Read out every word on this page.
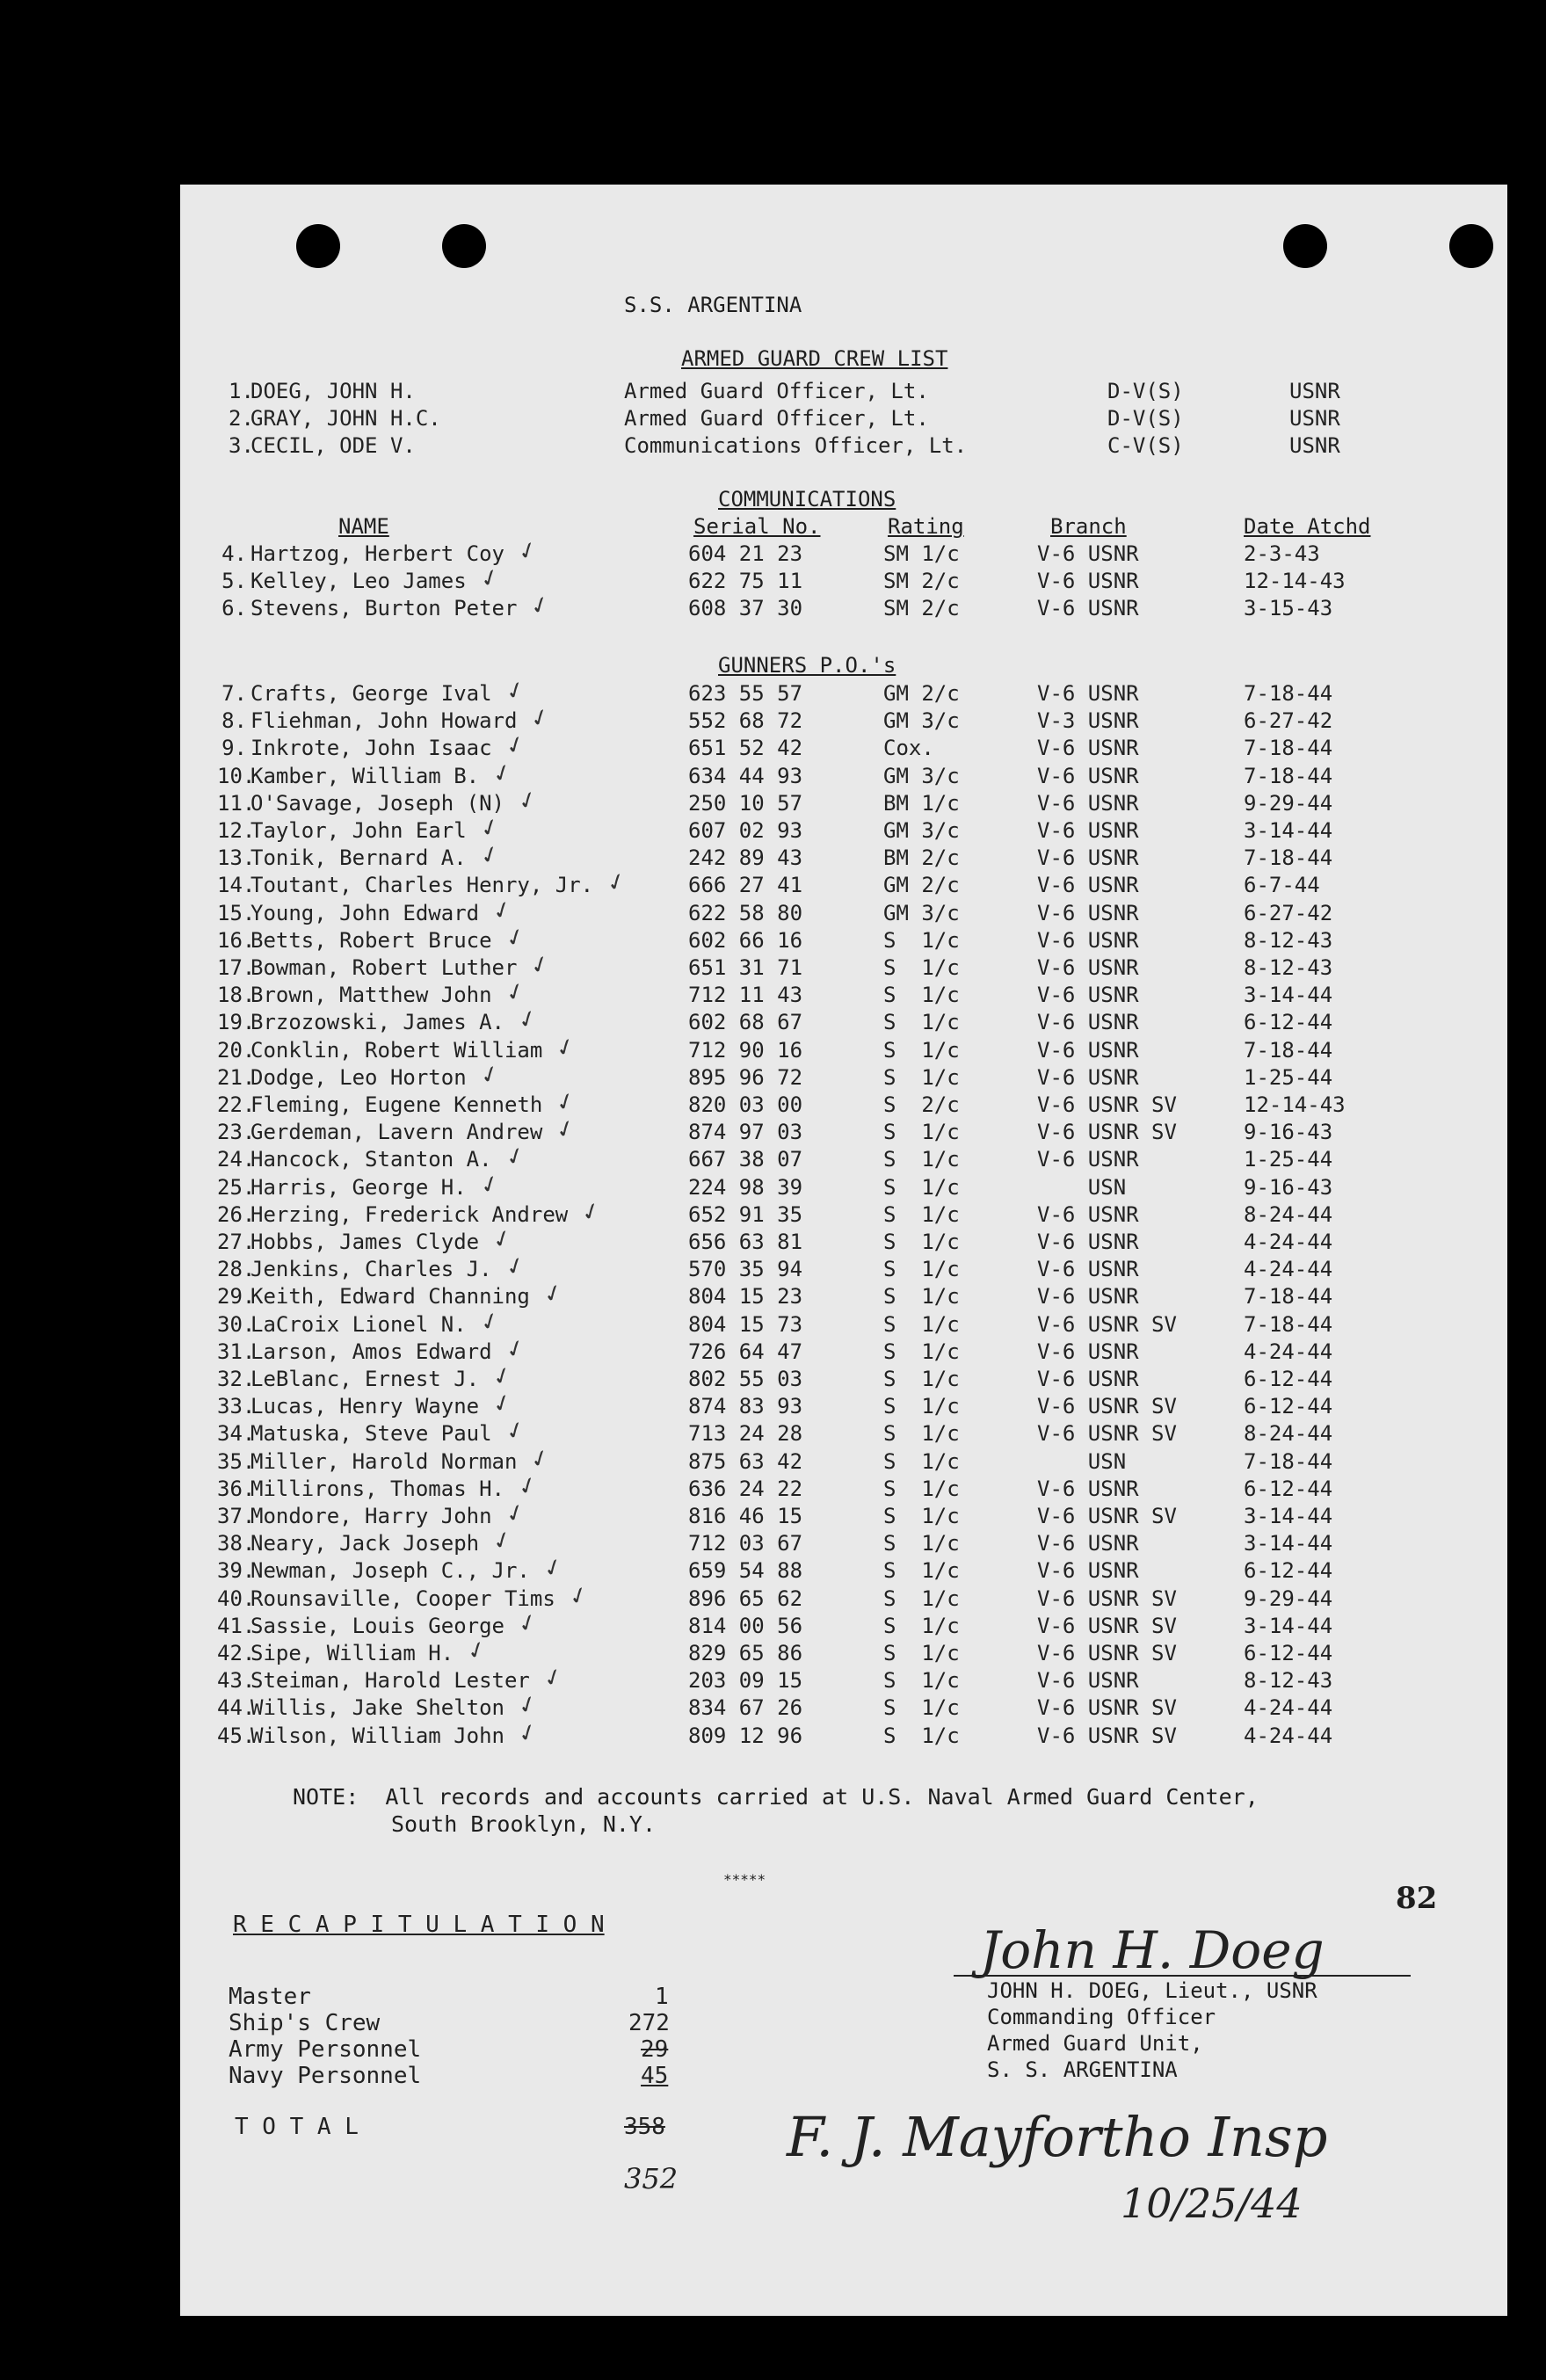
S.S. ARGENTINA
ARMED GUARD CREW LIST
1.
DOEG, JOHN H.	Armed Guard Officer, Lt.	D-V(S)	USNR
2.
GRAY, JOHN H.C.	Armed Guard Officer, Lt.	D-V(S)	USNR
3.
CECIL, ODE V.	Communications Officer, Lt.	C-V(S)	USNR
COMMUNICATIONS
NAME	Serial No.	Rating	Branch	Date Atchd
4. Hartzog, Herbert Coy	604 21 23	SM 1/c	V-6 USNR	2-3-43
✓
5. Kelley, Leo James	622 75 11	SM 2/c	V-6 USNR	12-14-43
✓
6. Stevens, Burton Peter	608 37 30	SM 2/c	V-6 USNR	3-15-43
✓
GUNNERS P.O.'s
7. Crafts, George Ival	623 55 57	GM 2/c	V-6 USNR	7-18-44
✓
8. Fliehman, John Howard	552 68 72	GM 3/c	V-3 USNR	6-27-42
✓
9. Inkrote, John Isaac	651 52 42	Cox.	V-6 USNR	7-18-44
✓
10.
Kamber, William B.	634 44 93	GM 3/c	V-6 USNR	7-18-44
✓
11.
O'Savage, Joseph (N)	250 10 57	BM 1/c	V-6 USNR	9-29-44
✓
12.
Taylor, John Earl	607 02 93	GM 3/c	V-6 USNR	3-14-44
✓
13.
Tonik, Bernard A.	242 89 43	BM 2/c	V-6 USNR	7-18-44
✓
14.
Toutant, Charles Henry, Jr.	666 27 41	GM 2/c	V-6 USNR	6-7-44
✓
15.
Young, John Edward	622 58 80	GM 3/c	V-6 USNR	6-27-42
✓
16.
Betts, Robert Bruce	602 66 16	S  1/c	V-6 USNR	8-12-43
✓
17.
Bowman, Robert Luther	651 31 71	S  1/c	V-6 USNR	8-12-43
✓
18.
Brown, Matthew John	712 11 43	S  1/c	V-6 USNR	3-14-44
✓
19.
Brzozowski, James A.	602 68 67	S  1/c	V-6 USNR	6-12-44
✓
20.
Conklin, Robert William	712 90 16	S  1/c	V-6 USNR	7-18-44
✓
21.
Dodge, Leo Horton	895 96 72	S  1/c	V-6 USNR	1-25-44
✓
22.
Fleming, Eugene Kenneth	820 03 00	S  2/c	V-6 USNR SV	12-14-43
✓
23.
Gerdeman, Lavern Andrew	874 97 03	S  1/c	V-6 USNR SV	9-16-43
✓
24.
Hancock, Stanton A.	667 38 07	S  1/c	V-6 USNR	1-25-44
✓
25.
Harris, George H.	224 98 39	S  1/c	USN	9-16-43
✓
26.
Herzing, Frederick Andrew	652 91 35	S  1/c	V-6 USNR	8-24-44
✓
27.
Hobbs, James Clyde	656 63 81	S  1/c	V-6 USNR	4-24-44
✓
28.
Jenkins, Charles J.	570 35 94	S  1/c	V-6 USNR	4-24-44
✓
29.
Keith, Edward Channing	804 15 23	S  1/c	V-6 USNR	7-18-44
✓
30.
LaCroix Lionel N.	804 15 73	S  1/c	V-6 USNR SV	7-18-44
✓
31.
Larson, Amos Edward	726 64 47	S  1/c	V-6 USNR	4-24-44
✓
32.
LeBlanc, Ernest J.	802 55 03	S  1/c	V-6 USNR	6-12-44
✓
33.
Lucas, Henry Wayne	874 83 93	S  1/c	V-6 USNR SV	6-12-44
✓
34.
Matuska, Steve Paul	713 24 28	S  1/c	V-6 USNR SV	8-24-44
✓
35.
Miller, Harold Norman	875 63 42	S  1/c	USN	7-18-44
✓
36.
Millirons, Thomas H.	636 24 22	S  1/c	V-6 USNR	6-12-44
✓
37.
Mondore, Harry John	816 46 15	S  1/c	V-6 USNR SV	3-14-44
✓
38.
Neary, Jack Joseph	712 03 67	S  1/c	V-6 USNR	3-14-44
✓
39.
Newman, Joseph C., Jr.	659 54 88	S  1/c	V-6 USNR	6-12-44
✓
40.
Rounsaville, Cooper Tims	896 65 62	S  1/c	V-6 USNR SV	9-29-44
✓
41.
Sassie, Louis George	814 00 56	S  1/c	V-6 USNR SV	3-14-44
✓
42.
Sipe, William H.	829 65 86	S  1/c	V-6 USNR SV	6-12-44
✓
43.
Steiman, Harold Lester	203 09 15	S  1/c	V-6 USNR	8-12-43
✓
44.
Willis, Jake Shelton	834 67 26	S  1/c	V-6 USNR SV	4-24-44
✓
45.
Wilson, William John	809 12 96	S  1/c	V-6 USNR SV	4-24-44
✓
NOTE:  All records and accounts carried at U.S. Naval Armed Guard Center,
South Brooklyn, N.Y.
*****
R E C A P I T U L A T I O N
Master	1
Ship's Crew	272
Army Personnel	29
Navy Personnel	45
T O T A L	358
352
82
John H. Doeg
JOHN H. DOEG, Lieut., USNR
Commanding Officer
Armed Guard Unit,
S. S. ARGENTINA
F. J. Mayfortho Insp
10/25/44
